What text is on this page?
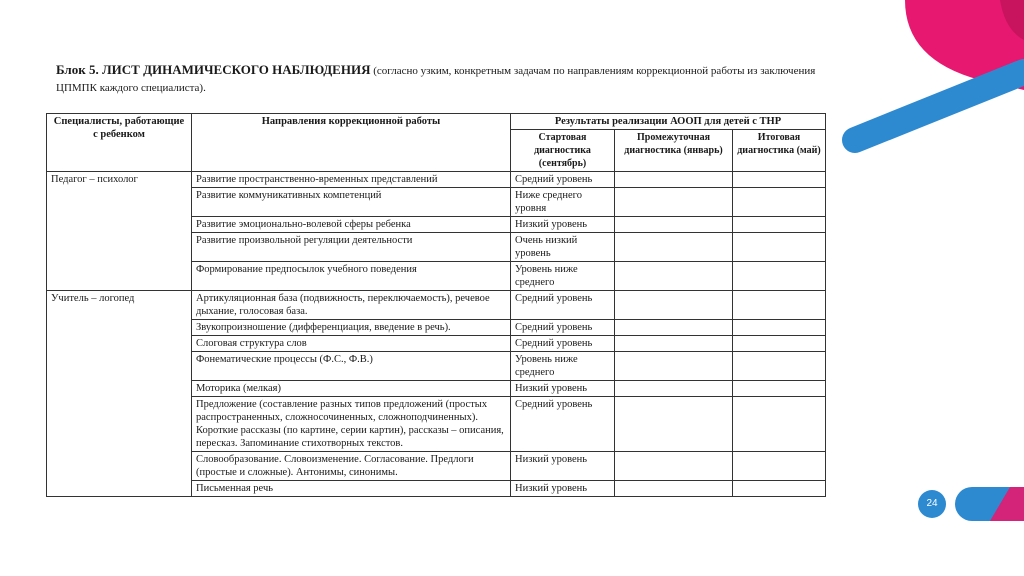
Блок 5. ЛИСТ ДИНАМИЧЕСКОГО НАБЛЮДЕНИЯ (согласно узким, конкретным задачам по направлениям коррекционной работы из заключения ЦПМПК каждого специалиста).
Специалисты, работающие с ребенком	Направления коррекционной работы	Результаты реализации АООП для детей с ТНР		
		Стартовая диагностика (сентябрь)	Промежуточная диагностика (январь)	Итоговая диагностика (май)
Педагог – психолог	Развитие пространственно-временных представлений	Средний уровень		
	Развитие коммуникативных компетенций	Ниже среднего уровня		
	Развитие эмоционально-волевой сферы ребенка	Низкий уровень		
	Развитие произвольной регуляции деятельности	Очень низкий уровень		
	Формирование предпосылок учебного поведения	Уровень ниже среднего		
Учитель – логопед	Артикуляционная база (подвижность, переключаемость), речевое дыхание, голосовая база.	Средний уровень		
	Звукопроизношение (дифференциация, введение в речь).	Средний уровень		
	Слоговая структура слов	Средний уровень		
	Фонематические процессы (Ф.С., Ф.В.)	Уровень ниже среднего		
	Моторика (мелкая)	Низкий уровень		
	Предложение (составление разных типов предложений (простых распространенных, сложносочиненных, сложноподчиненных). Короткие рассказы (по картине, серии картин), рассказы – описания, пересказ. Запоминание стихотворных текстов.	Средний уровень		
	Словообразование. Словоизменение. Согласование. Предлоги (простые и сложные). Антонимы, синонимы.	Низкий уровень		
	Письменная речь	Низкий уровень		
24
